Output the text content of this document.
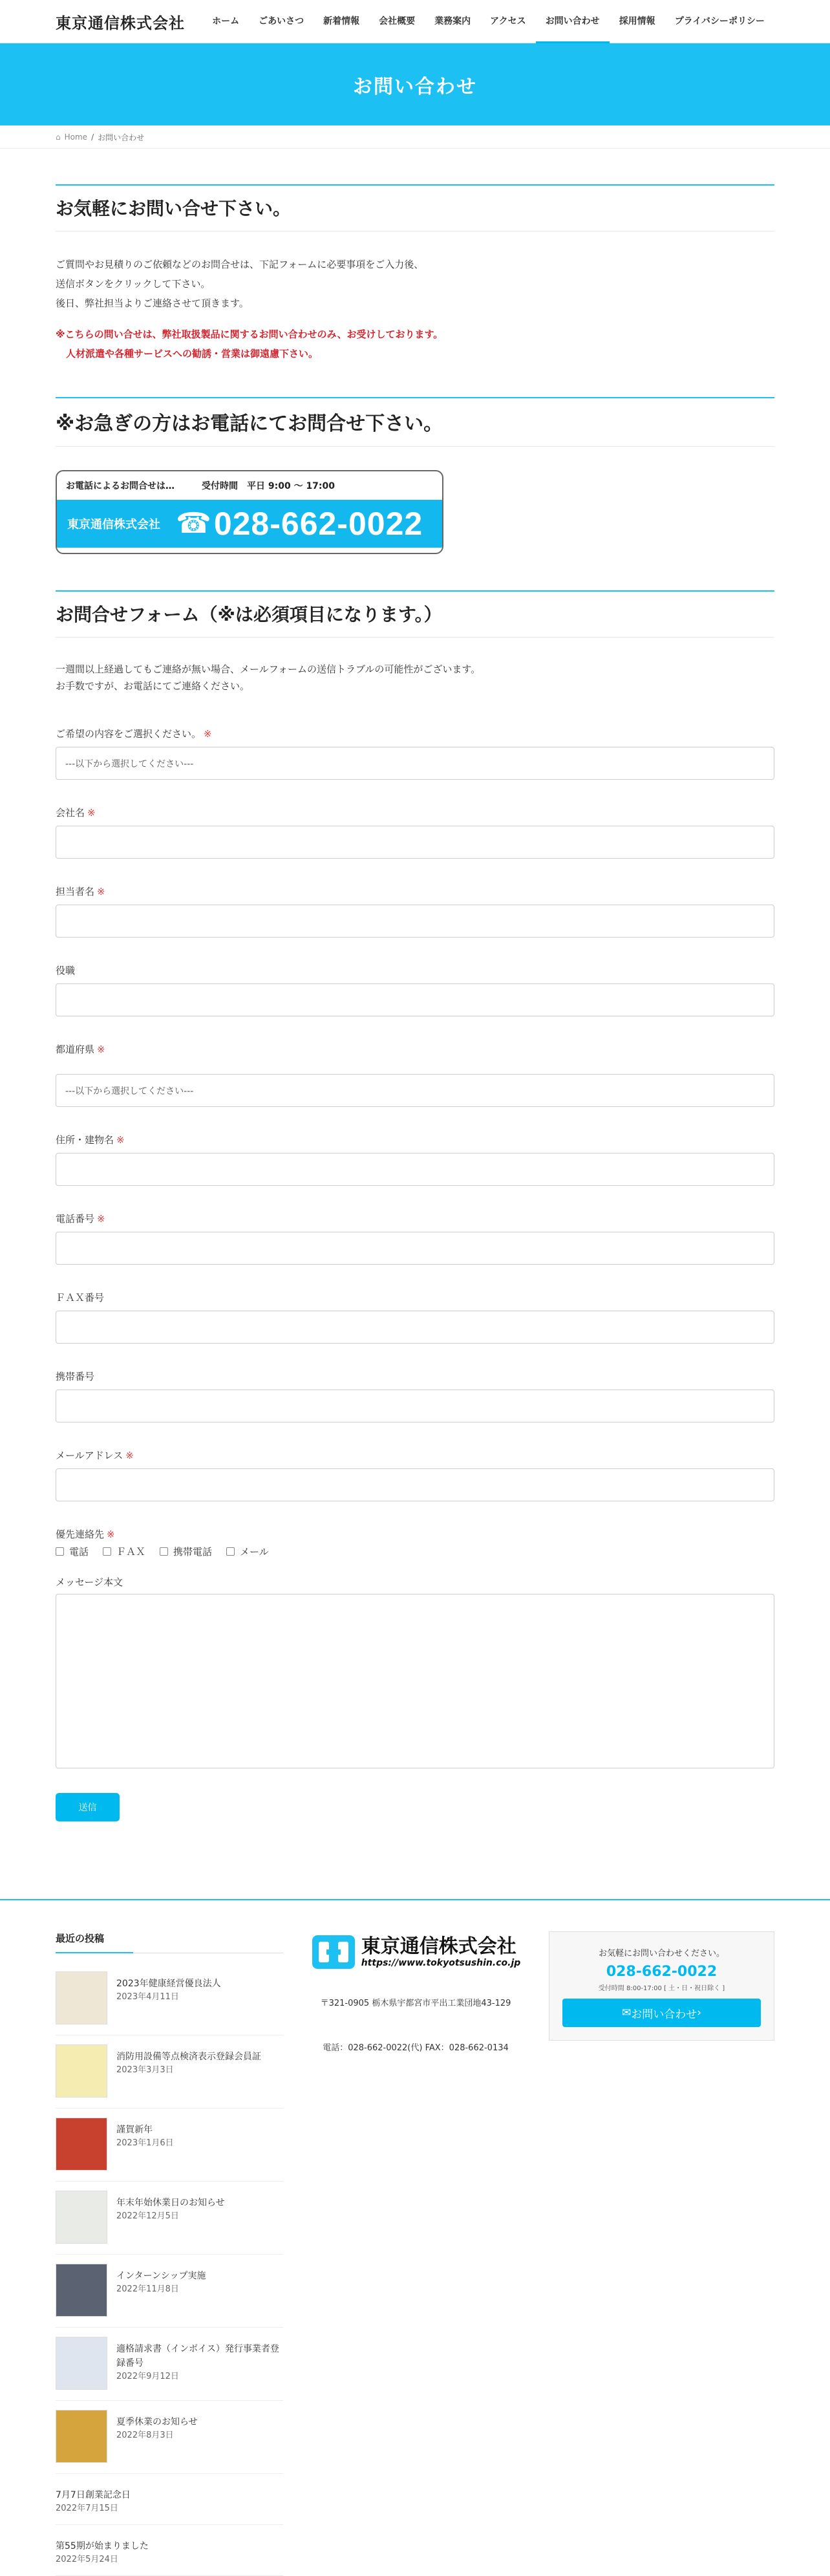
東京通信株式会社	ホーム	ごあいさつ	新着情報	会社概要	業務案内	アクセス	お問い合わせ	採用情報	プライバシーポリシー
お問い合わせ
⌂ Home / お問い合わせ
お気軽にお問い合せ下さい。

ご質問やお見積りのご依頼などのお問合せは、下記フォームに必要事項をご入力後、

送信ボタンをクリックして下さい。

後日、弊社担当よりご連絡させて頂きます。

※こちらの問い合せは、弊社取扱製品に関するお問い合わせのみ、お受けしております。

人材派遣や各種サービスへの勧誘・営業は御遠慮下さい。

※お急ぎの方はお電話にてお問合せ下さい。
お電話によるお問合せは…	受付時間　平日 9:00 〜 17:00
東京通信株式会社 ☎ 028-662-0022
お問合せフォーム（※は必須項目になります。）

一週間以上経過してもご連絡が無い場合、メールフォームの送信トラブルの可能性がございます。

お手数ですが、お電話にてご連絡ください。

ご希望の内容をご選択ください。 ※
---以下から選択してください---
会社名 ※
担当者名 ※
役職
都道府県 ※
---以下から選択してください---
住所・建物名 ※
電話番号 ※
ＦＡＸ番号
携帯番号
メールアドレス ※
優先連絡先 ※
電話	ＦＡＸ	携帯電話	メール
メッセージ本文
送信
最近の投稿
2023年健康経営優良法人
2023年4月11日
消防用設備等点検済表示登録会員証
2023年3月3日
謹賀新年
2023年1月6日
年末年始休業日のお知らせ
2022年12月5日
インターンシップ実施
2022年11月8日
適格請求書（インボイス）発行事業者登録番号
2022年9月12日
夏季休業のお知らせ
2022年8月3日
7月7日創業記念日
2022年7月15日
第55期が始まりました
2022年5月24日
東京通信株式会社
https://www.tokyotsushin.co.jp
〒321-0905 栃木県宇都宮市平出工業団地43-129
電話：028-662-0022(代) FAX：028-662-0134
お気軽にお問い合わせください。
028-662-0022
受付時間 8:00-17:00 [ 土・日・祝日除く ]
✉ お問い合わせ ›
